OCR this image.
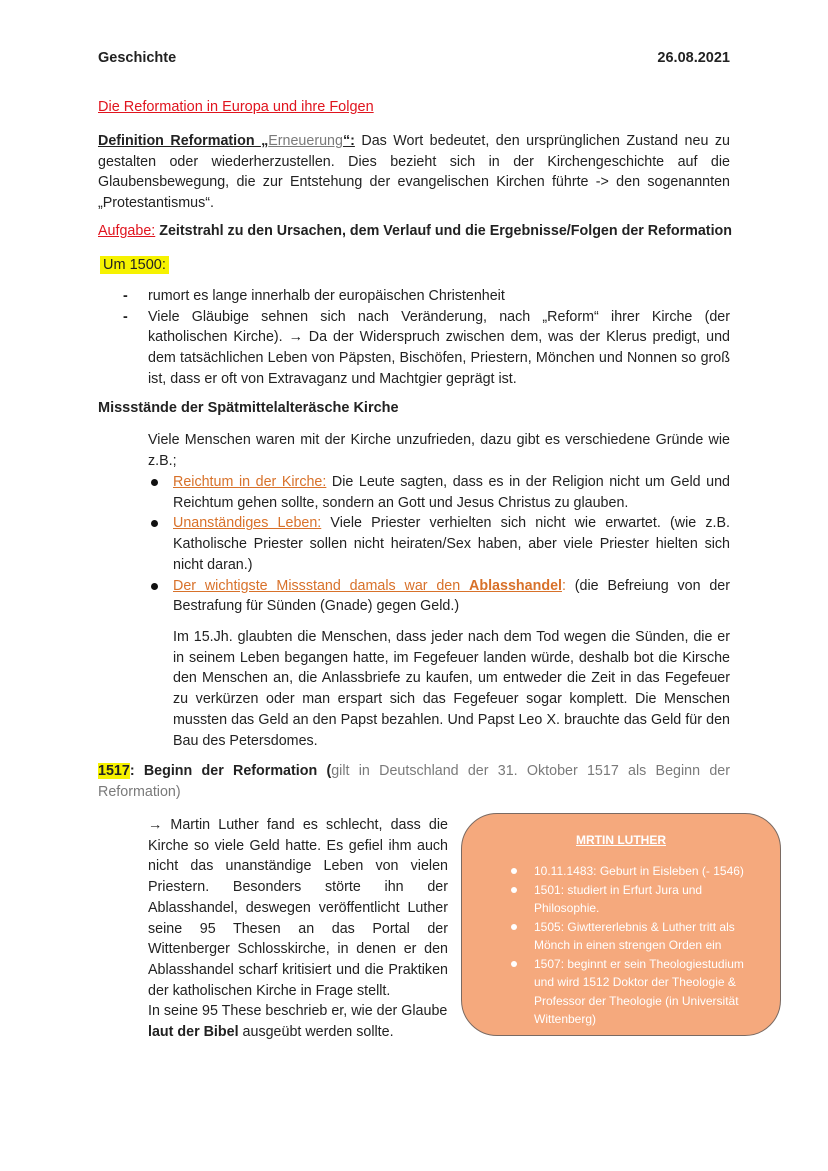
Geschichte	26.08.2021
Die Reformation in Europa und ihre Folgen
Definition Reformation „Erneuerung“: Das Wort bedeutet, den ursprünglichen Zustand neu zu gestalten oder wiederherzustellen. Dies bezieht sich in der Kirchengeschichte auf die Glaubensbewegung, die zur Entstehung der evangelischen Kirchen führte -> den sogenannten „Protestantismus“.
Aufgabe: Zeitstrahl zu den Ursachen, dem Verlauf und die Ergebnisse/Folgen der Reformation
Um 1500:
- rumort es lange innerhalb der europäischen Christenheit
- Viele Gläubige sehnen sich nach Veränderung, nach „Reform“ ihrer Kirche (der katholischen Kirche). → Da der Widerspruch zwischen dem, was der Klerus predigt, und dem tatsächlichen Leben von Päpsten, Bischöfen, Priestern, Mönchen und Nonnen so groß ist, dass er oft von Extravaganz und Machtgier geprägt ist.
Missstände der Spätmittelalteräsche Kirche
Viele Menschen waren mit der Kirche unzufrieden, dazu gibt es verschiedene Gründe wie z.B.;
Reichtum in der Kirche: Die Leute sagten, dass es in der Religion nicht um Geld und Reichtum gehen sollte, sondern an Gott und Jesus Christus zu glauben.
Unanständiges Leben: Viele Priester verhielten sich nicht wie erwartet. (wie z.B. Katholische Priester sollen nicht heiraten/Sex haben, aber viele Priester hielten sich nicht daran.)
Der wichtigste Missstand damals war den Ablasshandel: (die Befreiung von der Bestrafung für Sünden (Gnade) gegen Geld.)
Im 15.Jh. glaubten die Menschen, dass jeder nach dem Tod wegen die Sünden, die er in seinem Leben begangen hatte, im Fegefeuer landen würde, deshalb bot die Kirsche den Menschen an, die Anlassbriefe zu kaufen, um entweder die Zeit in das Fegefeuer zu verkürzen oder man erspart sich das Fegefeuer sogar komplett. Die Menschen mussten das Geld an den Papst bezahlen. Und Papst Leo X. brauchte das Geld für den Bau des Petersdomes.
1517: Beginn der Reformation (gilt in Deutschland der 31. Oktober 1517 als Beginn der Reformation)
→ Martin Luther fand es schlecht, dass die Kirche so viele Geld hatte. Es gefiel ihm auch nicht das unanständige Leben von vielen Priestern. Besonders störte ihn der Ablasshandel, deswegen veröffentlicht Luther seine 95 Thesen an das Portal der Wittenberger Schlosskirche, in denen er den Ablasshandel scharf kritisiert und die Praktiken der katholischen Kirche in Frage stellt.
In seine 95 These beschrieb er, wie der Glaube laut der Bibel ausgeübt werden sollte.
MRTIN LUTHER
10.11.1483: Geburt in Eisleben (- 1546)
1501: studiert in Erfurt Jura und Philosophie.
1505: Giwttererlebnis & Luther tritt als Mönch in einen strengen Orden ein
1507: beginnt er sein Theologiestudium und wird 1512 Doktor der Theologie & Professor der Theologie (in Universität Wittenberg)
